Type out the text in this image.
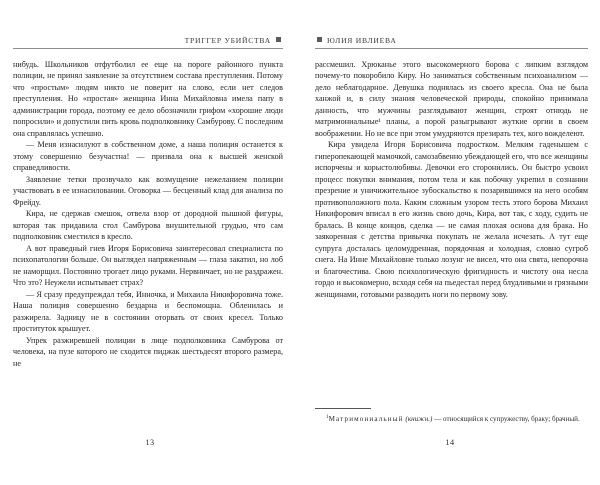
ТРИГГЕР УБИЙСТВА

нибудь. Школьников отфутболил ее еще на пороге районного пункта полиции, не принял заявление за отсутствием состава преступления. Потому что «простым» людям никто не поверит на слово, если нет следов преступления. Но «простая» женщина Инна Михайловна имела папу в администрации города, поэтому ее дело обозначили грифом «хорошие люди попросили» и допустили пить кровь подполковнику Самбурову. С последним она справлялась успешно.

— Меня изнасилуют в собственном доме, а наша полиция останется к этому совершенно безучастна! — призвала она к высшей женской справедливости.

Заявление тетки прозвучало как возмущение нежеланием полиции участвовать в ее изнасиловании. Оговорка — бесценный клад для анализа по Фрейду.

Кира, не сдержав смешок, отвела взор от дородной пышной фигуры, которая так придавила стол Самбурова внушительной грудью, что сам подполковник сместился в кресло.

А вот праведный гнев Игоря Борисовича заинтересовал специалиста по психопатологии больше. Он выглядел напряженным — глаза закатил, но лоб не наморщил. Постоянно трогает лицо руками. Нервничает, но не раздражен. Что это? Неужели испытывает страх?

— Я сразу предупреждал тебя, Инночка, и Михаила Никифоровича тоже. Наша полиция совершенно бездарна и беспомощна. Обленилась и разжирела. Задницу не в состоянии оторвать от своих кресел. Только проституток крышует.

Упрек разжиревшей полиции в лице подполковника Самбурова от человека, на пузе которого не сходится пиджак шестьдесят второго размера, не

13
ЮЛИЯ ИВЛИЕВА

рассмешил. Хрюканье этого высокомерного борова с липким взглядом почему-то покоробило Киру. Но заниматься собственным психоанализом — дело неблагодарное. Девушка поднялась из своего кресла. Она не была ханжой и, в силу знания человеческой природы, спокойно принимала данность, что мужчины разглядывают женщин, строят отнюдь не матримониальные¹ планы, а порой разыгрывают жуткие оргии в своем воображении. Но не все при этом умудряются презирать тех, кого вожделеют.

Кира увидела Игоря Борисовича подростком. Мелким гаденышем с гиперопекающей мамочкой, самозабвенно убеждающей его, что все женщины испорчены и корыстолюбивы. Девочки его сторонились. Он быстро усвоил процесс покупки внимания, потом тела и как побочку укрепил в сознании презрение и уничижительное зубоскальство к позарившимся на него особям противоположного пола. Каким сложным узором тесть этого борова Михаил Никифорович вписал в его жизнь свою дочь, Кира, вот так, с ходу, судить не бралась. В конце концов, сделка — не самая плохая основа для брака. Но заякоренная с детства привычка покупать не желала исчезать. А тут еще супруга досталась целомудренная, порядочная и холодная, словно сугроб снега. На Инне Михайловне только лозунг не висел, что она свята, непорочна и благочестива. Свою психологическую фригидность и чистоту она несла гордо и высокомерно, всходя себя на пьедестал перед блудливыми и грязными женщинами, готовыми разводить ноги по первому зову.

$^1$Матримониальный (книжн.) — относящийся к супружеству, браку; брачный.
14
